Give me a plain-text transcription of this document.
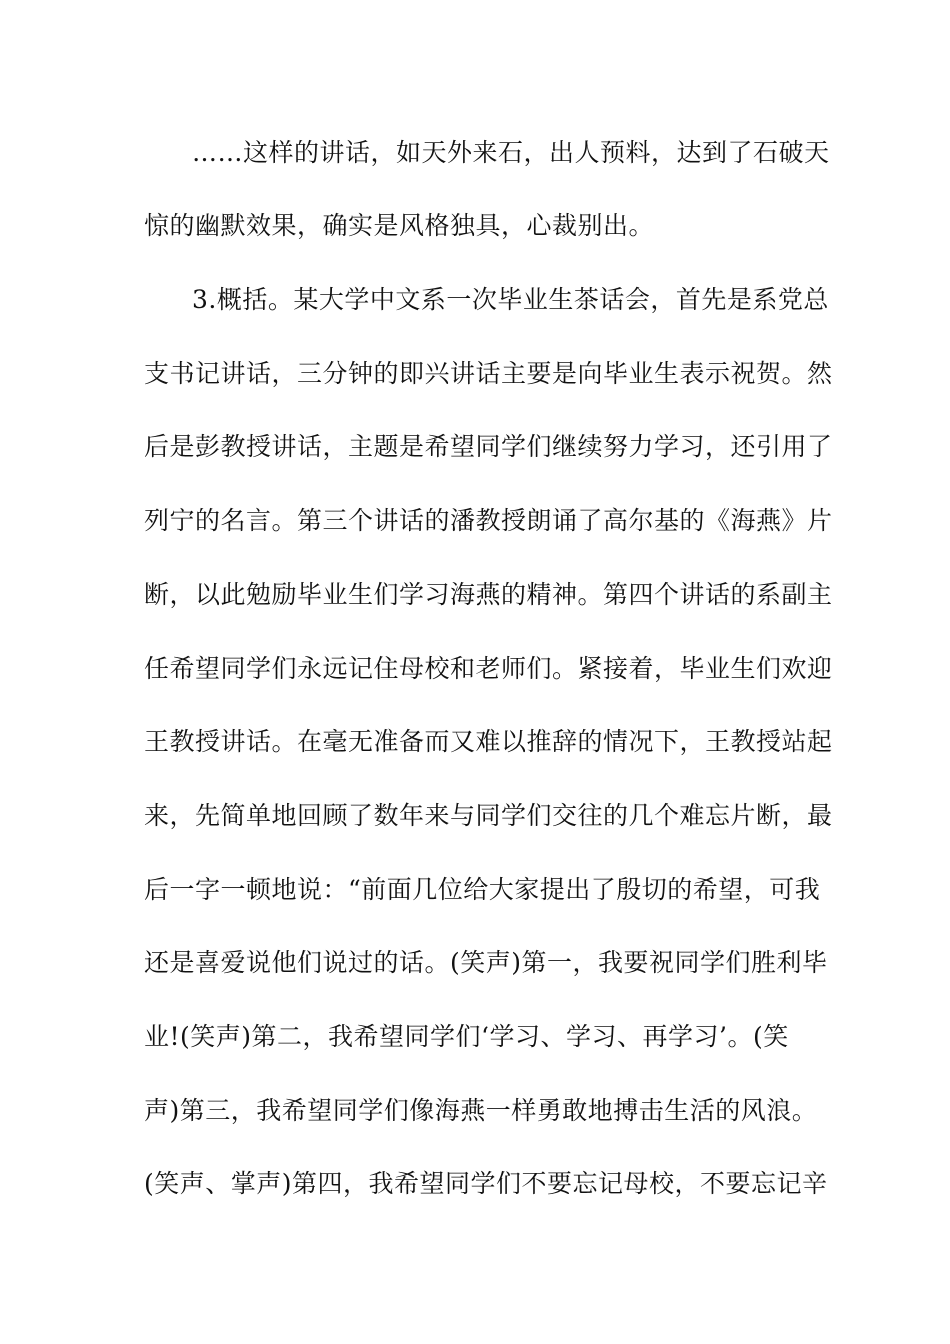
……这样的讲话，如天外来石，出人预料，达到了石破天
惊的幽默效果，确实是风格独具，心裁别出。
3.概括。某大学中文系一次毕业生茶话会，首先是系党总
支书记讲话，三分钟的即兴讲话主要是向毕业生表示祝贺。然
后是彭教授讲话，主题是希望同学们继续努力学习，还引用了
列宁的名言。第三个讲话的潘教授朗诵了高尔基的《海燕》片
断，以此勉励毕业生们学习海燕的精神。第四个讲话的系副主
任希望同学们永远记住母校和老师们。紧接着，毕业生们欢迎
王教授讲话。在毫无准备而又难以推辞的情况下，王教授站起
来，先简单地回顾了数年来与同学们交往的几个难忘片断，最
后一字一顿地说：“前面几位给大家提出了殷切的希望，可我
还是喜爱说他们说过的话。(笑声)第一，我要祝同学们胜利毕
业!(笑声)第二，我希望同学们‘学习、学习、再学习’。(笑
声)第三，我希望同学们像海燕一样勇敢地搏击生活的风浪。
(笑声、掌声)第四，我希望同学们不要忘记母校，不要忘记辛
